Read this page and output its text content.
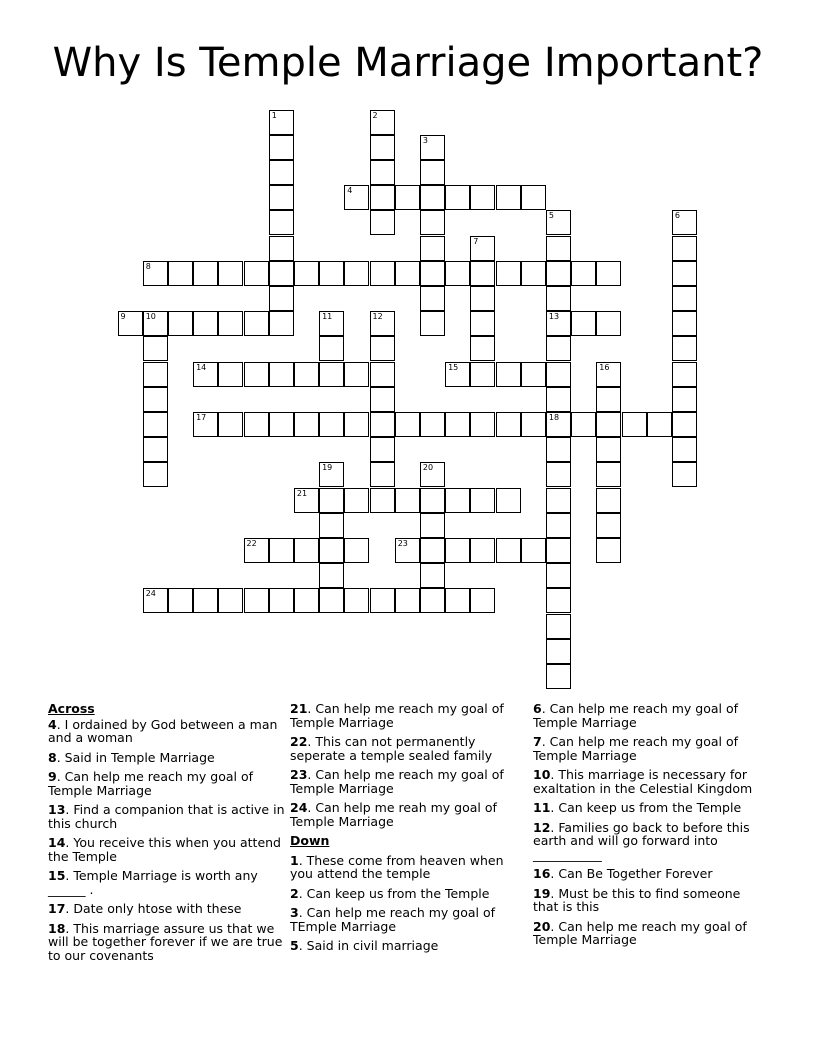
Why Is Temple Marriage Important?
1	2
3
4
5
13
18
6
7
8
9	10	11	12
14	15	16
17
19	20
21
22	23
24
Across
4. I ordained by God between a man and a woman
8. Said in Temple Marriage
9. Can help me reach my goal of Temple Marriage
13. Find a companion that is active in this church
14. You receive this when you attend the Temple
15. Temple Marriage is worth any ______ .
17. Date only htose with these
18. This marriage assure us that we will be together forever if we are true to our covenants
21. Can help me reach my goal of Temple Marriage
22. This can not permanently seperate a temple sealed family
23. Can help me reach my goal of Temple Marriage
24. Can help me reah my goal of Temple Marriage
Down
1. These come from heaven when you attend the temple
2. Can keep us from the Temple
3. Can help me reach my goal of TEmple Marriage
5. Said in civil marriage
6. Can help me reach my goal of Temple Marriage
7. Can help me reach my goal of Temple Marriage
10. This marriage is necessary for exaltation in the Celestial Kingdom
11. Can keep us from the Temple
12. Families go back to before this earth and will go forward into ___________
16. Can Be Together Forever
19. Must be this to find someone that is this
20. Can help me reach my goal of Temple Marriage
